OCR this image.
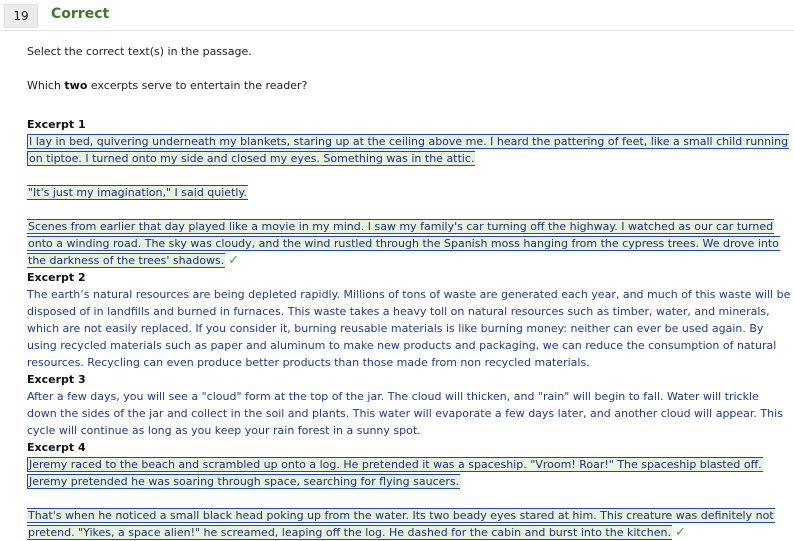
19	Correct
Select the correct text(s) in the passage.
Which two excerpts serve to entertain the reader?
Excerpt 1
I lay in bed, quivering underneath my blankets, staring up at the ceiling above me. I heard the pattering of feet, like a small child running on tiptoe. I turned onto my side and closed my eyes. Something was in the attic.
"It's just my imagination," I said quietly.
Scenes from earlier that day played like a movie in my mind. I saw my family's car turning off the highway. I watched as our car turned onto a winding road. The sky was cloudy, and the wind rustled through the Spanish moss hanging from the cypress trees. We drove into the darkness of the trees' shadows. ✓
Excerpt 2
The earth’s natural resources are being depleted rapidly. Millions of tons of waste are generated each year, and much of this waste will be disposed of in landfills and burned in furnaces. This waste takes a heavy toll on natural resources such as timber, water, and minerals, which are not easily replaced. If you consider it, burning reusable materials is like burning money: neither can ever be used again. By using recycled materials such as paper and aluminum to make new products and packaging, we can reduce the consumption of natural resources. Recycling can even produce better products than those made from non recycled materials.
Excerpt 3
After a few days, you will see a "cloud" form at the top of the jar. The cloud will thicken, and "rain" will begin to fall. Water will trickle down the sides of the jar and collect in the soil and plants. This water will evaporate a few days later, and another cloud will appear. This cycle will continue as long as you keep your rain forest in a sunny spot.
Excerpt 4
Jeremy raced to the beach and scrambled up onto a log. He pretended it was a spaceship. "Vroom! Roar!" The spaceship blasted off. Jeremy pretended he was soaring through space, searching for flying saucers.
That's when he noticed a small black head poking up from the water. Its two beady eyes stared at him. This creature was definitely not pretend. "Yikes, a space alien!" he screamed, leaping off the log. He dashed for the cabin and burst into the kitchen. ✓
